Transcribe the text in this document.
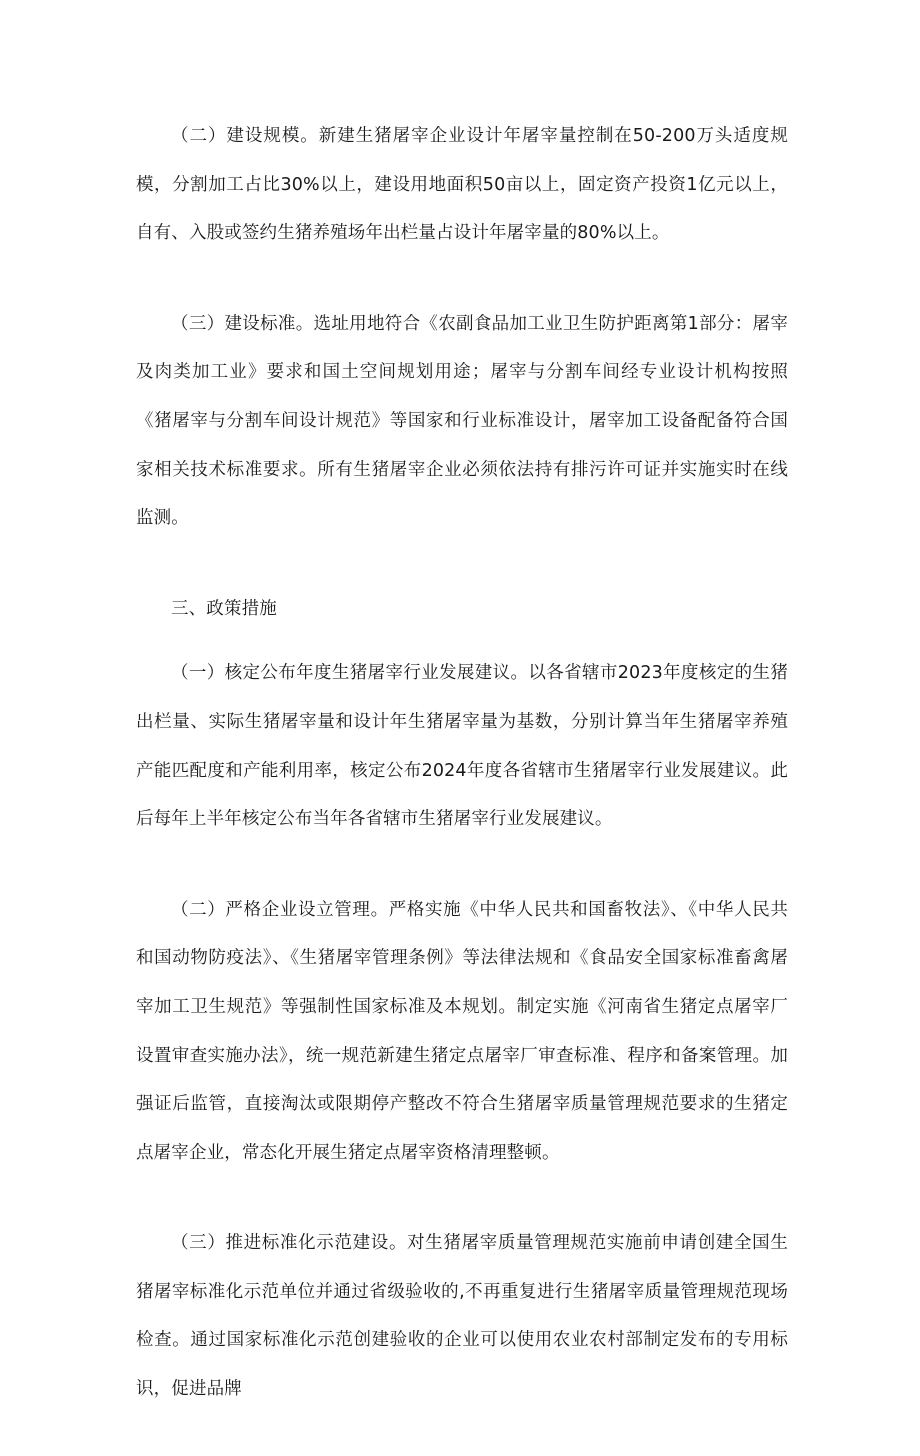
（二）建设规模。新建生猪屠宰企业设计年屠宰量控制在50-200万头适度规模，分割加工占比30%以上，建设用地面积50亩以上，固定资产投资1亿元以上，自有、入股或签约生猪养殖场年出栏量占设计年屠宰量的80%以上。

（三）建设标准。选址用地符合《农副食品加工业卫生防护距离第1部分：屠宰及肉类加工业》要求和国土空间规划用途；屠宰与分割车间经专业设计机构按照《猪屠宰与分割车间设计规范》等国家和行业标准设计，屠宰加工设备配备符合国家相关技术标准要求。所有生猪屠宰企业必须依法持有排污许可证并实施实时在线监测。

三、政策措施

（一）核定公布年度生猪屠宰行业发展建议。以各省辖市2023年度核定的生猪出栏量、实际生猪屠宰量和设计年生猪屠宰量为基数，分别计算当年生猪屠宰养殖产能匹配度和产能利用率，核定公布2024年度各省辖市生猪屠宰行业发展建议。此后每年上半年核定公布当年各省辖市生猪屠宰行业发展建议。

（二）严格企业设立管理。严格实施《中华人民共和国畜牧法》、《中华人民共和国动物防疫法》、《生猪屠宰管理条例》等法律法规和《食品安全国家标准畜禽屠宰加工卫生规范》等强制性国家标准及本规划。制定实施《河南省生猪定点屠宰厂设置审查实施办法》，统一规范新建生猪定点屠宰厂审查标准、程序和备案管理。加强证后监管，直接淘汰或限期停产整改不符合生猪屠宰质量管理规范要求的生猪定点屠宰企业，常态化开展生猪定点屠宰资格清理整顿。

（三）推进标准化示范建设。对生猪屠宰质量管理规范实施前申请创建全国生猪屠宰标准化示范单位并通过省级验收的,不再重复进行生猪屠宰质量管理规范现场检查。通过国家标准化示范创建验收的企业可以使用农业农村部制定发布的专用标识，促进品牌
